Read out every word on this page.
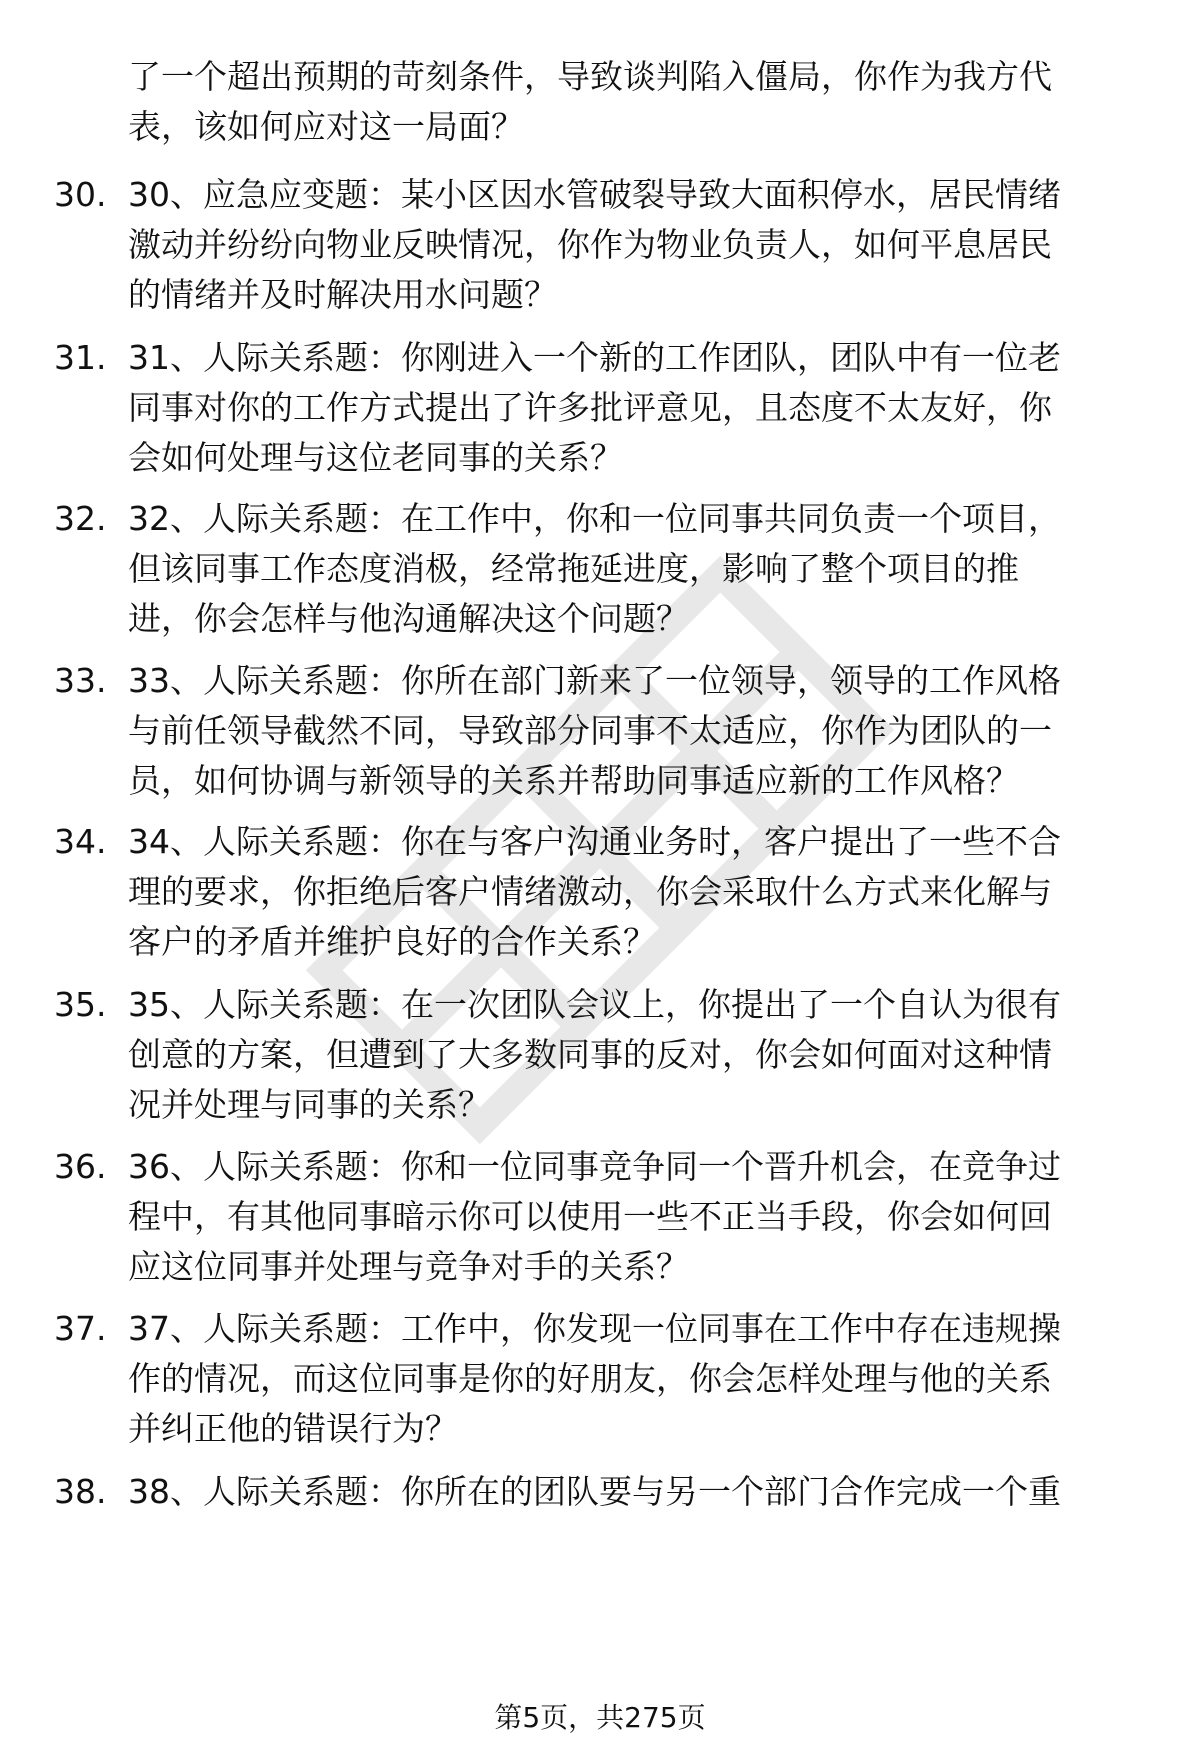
了一个超出预期的苛刻条件，导致谈判陷入僵局，你作为我方代
表，该如何应对这一局面？
30. 30、应急应变题：某小区因水管破裂导致大面积停水，居民情绪
激动并纷纷向物业反映情况，你作为物业负责人，如何平息居民
的情绪并及时解决用水问题？
31. 31、人际关系题：你刚进入一个新的工作团队，团队中有一位老
同事对你的工作方式提出了许多批评意见，且态度不太友好，你
会如何处理与这位老同事的关系？
32. 32、人际关系题：在工作中，你和一位同事共同负责一个项目，
但该同事工作态度消极，经常拖延进度，影响了整个项目的推
进，你会怎样与他沟通解决这个问题？
33. 33、人际关系题：你所在部门新来了一位领导，领导的工作风格
与前任领导截然不同，导致部分同事不太适应，你作为团队的一
员，如何协调与新领导的关系并帮助同事适应新的工作风格？
34. 34、人际关系题：你在与客户沟通业务时，客户提出了一些不合
理的要求，你拒绝后客户情绪激动，你会采取什么方式来化解与
客户的矛盾并维护良好的合作关系？
35. 35、人际关系题：在一次团队会议上，你提出了一个自认为很有
创意的方案，但遭到了大多数同事的反对，你会如何面对这种情
况并处理与同事的关系？
36. 36、人际关系题：你和一位同事竞争同一个晋升机会，在竞争过
程中，有其他同事暗示你可以使用一些不正当手段，你会如何回
应这位同事并处理与竞争对手的关系？
37. 37、人际关系题：工作中，你发现一位同事在工作中存在违规操
作的情况，而这位同事是你的好朋友，你会怎样处理与他的关系
并纠正他的错误行为？
38. 38、人际关系题：你所在的团队要与另一个部门合作完成一个重
第5页，共275页
